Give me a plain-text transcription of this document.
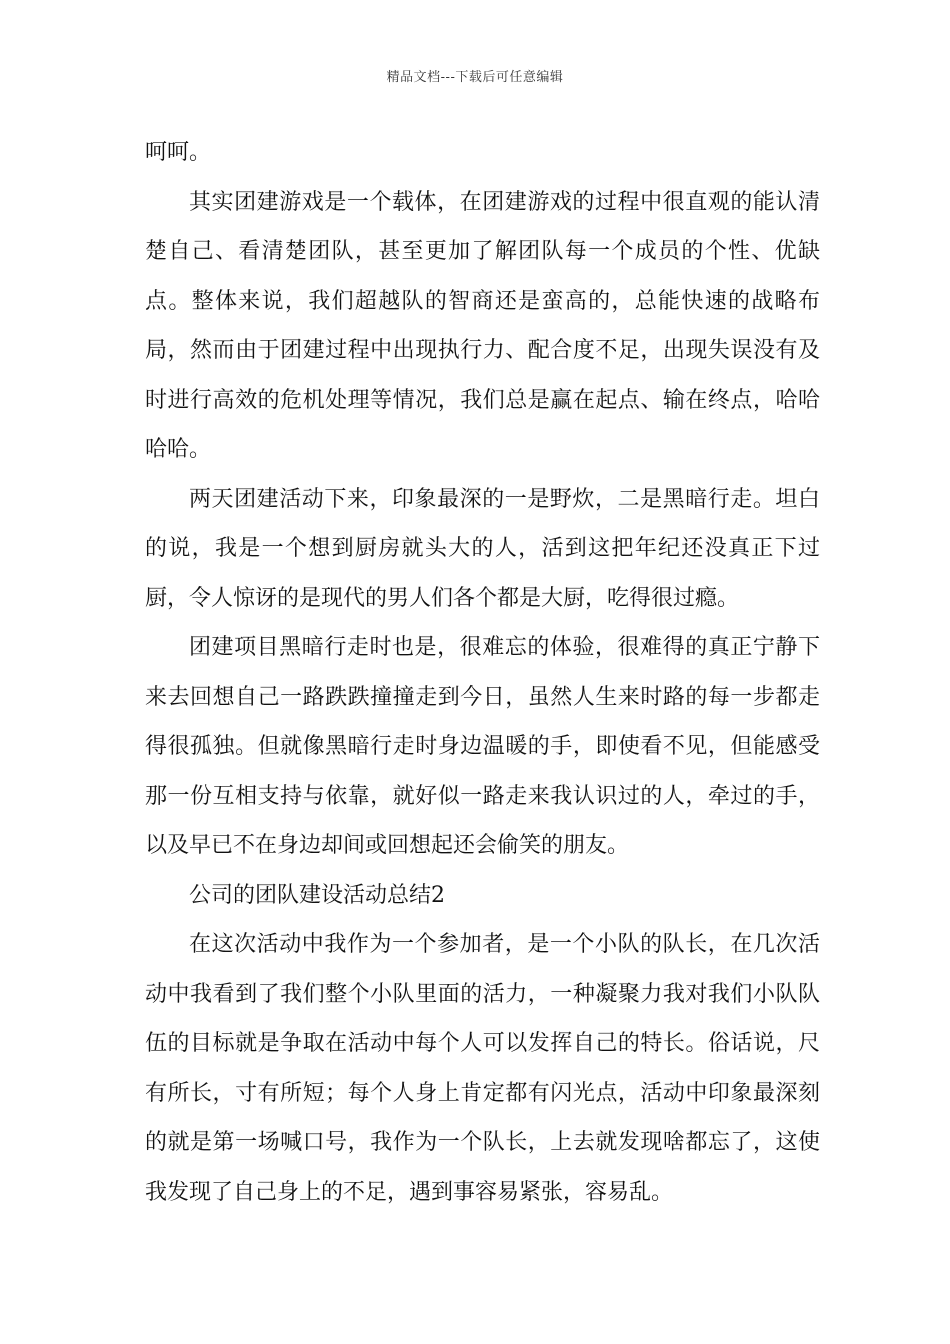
精品文档---下载后可任意编辑

呵呵。

其实团建游戏是一个载体，在团建游戏的过程中很直观的能认清楚自己、看清楚团队，甚至更加了解团队每一个成员的个性、优缺点。整体来说，我们超越队的智商还是蛮高的，总能快速的战略布局，然而由于团建过程中出现执行力、配合度不足，出现失误没有及时进行高效的危机处理等情况，我们总是赢在起点、输在终点，哈哈哈哈。

两天团建活动下来，印象最深的一是野炊，二是黑暗行走。坦白的说，我是一个想到厨房就头大的人，活到这把年纪还没真正下过厨，令人惊讶的是现代的男人们各个都是大厨，吃得很过瘾。

团建项目黑暗行走时也是，很难忘的体验，很难得的真正宁静下来去回想自己一路跌跌撞撞走到今日，虽然人生来时路的每一步都走得很孤独。但就像黑暗行走时身边温暖的手，即使看不见，但能感受那一份互相支持与依靠，就好似一路走来我认识过的人，牵过的手，以及早已不在身边却间或回想起还会偷笑的朋友。

公司的团队建设活动总结2

在这次活动中我作为一个参加者，是一个小队的队长，在几次活动中我看到了我们整个小队里面的活力，一种凝聚力我对我们小队队伍的目标就是争取在活动中每个人可以发挥自己的特长。俗话说，尺有所长，寸有所短；每个人身上肯定都有闪光点，活动中印象最深刻的就是第一场喊口号，我作为一个队长，上去就发现啥都忘了，这使我发现了自己身上的不足，遇到事容易紧张，容易乱。
